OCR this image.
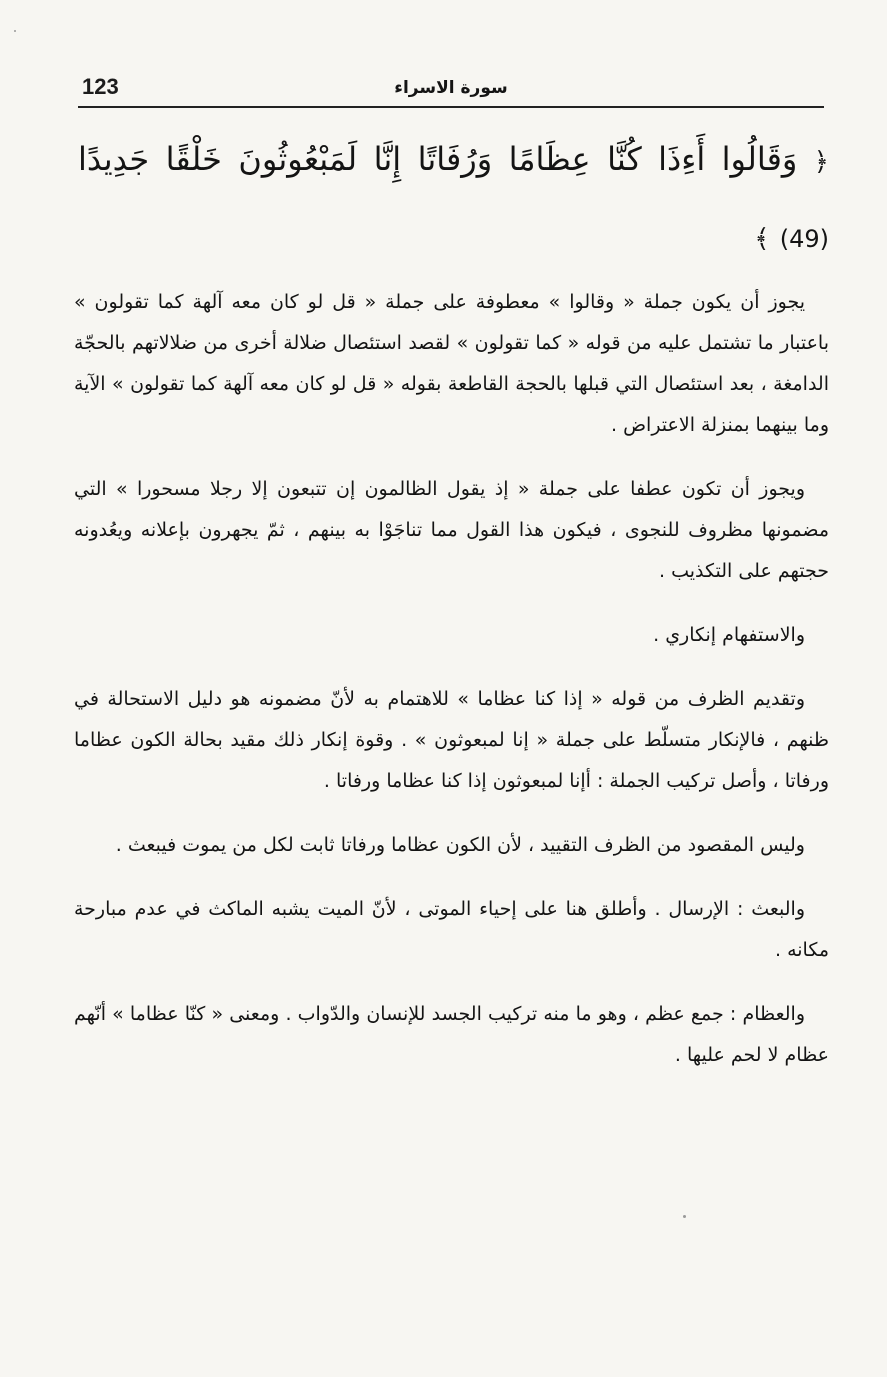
123	سورة الاسراء
﴿ وَقَالُوا أَءِذَا كُنَّا عِظَامًا وَرُفَاتًا إِنَّا لَمَبْعُوثُونَ خَلْقًا جَدِيدًا (49) ﴾

يجوز أن يكون جملة « وقالوا » معطوفة على جملة « قل لو كان معه آلهة كما تقولون » باعتبار ما تشتمل عليه من قوله « كما تقولون » لقصد استئصال ضلالة أخرى من ضلالاتهم بالحجّة الدامغة ، بعد استئصال التي قبلها بالحجة القاطعة بقوله « قل لو كان معه آلهة كما تقولون » الآية وما بينهما بمنزلة الاعتراض .

ويجوز أن تكون عطفا على جملة « إذ يقول الظالمون إن تتبعون إلا رجلا مسحورا » التي مضمونها مظروف للنجوى ، فيكون هذا القول مما تناجَوْا به بينهم ، ثمّ يجهرون بإعلانه ويعُدونه حجتهم على التكذيب .

والاستفهام إنكاري .

وتقديم الظرف من قوله « إذا كنا عظاما » للاهتمام به لأنّ مضمونه هو دليل الاستحالة في ظنهم ، فالإنكار متسلّط على جملة « إنا لمبعوثون » . وقوة إنكار ذلك مقيد بحالة الكون عظاما ورفاتا ، وأصل تركيب الجملة : أإنا لمبعوثون إذا كنا عظاما ورفاتا .

وليس المقصود من الظرف التقييد ، لأن الكون عظاما ورفاتا ثابت لكل من يموت فيبعث .

والبعث : الإرسال . وأطلق هنا على إحياء الموتى ، لأنّ الميت يشبه الماكث في عدم مبارحة مكانه .

والعظام : جمع عظم ، وهو ما منه تركيب الجسد للإنسان والدّواب . ومعنى « كنّا عظاما » أنّهم عظام لا لحم عليها .
